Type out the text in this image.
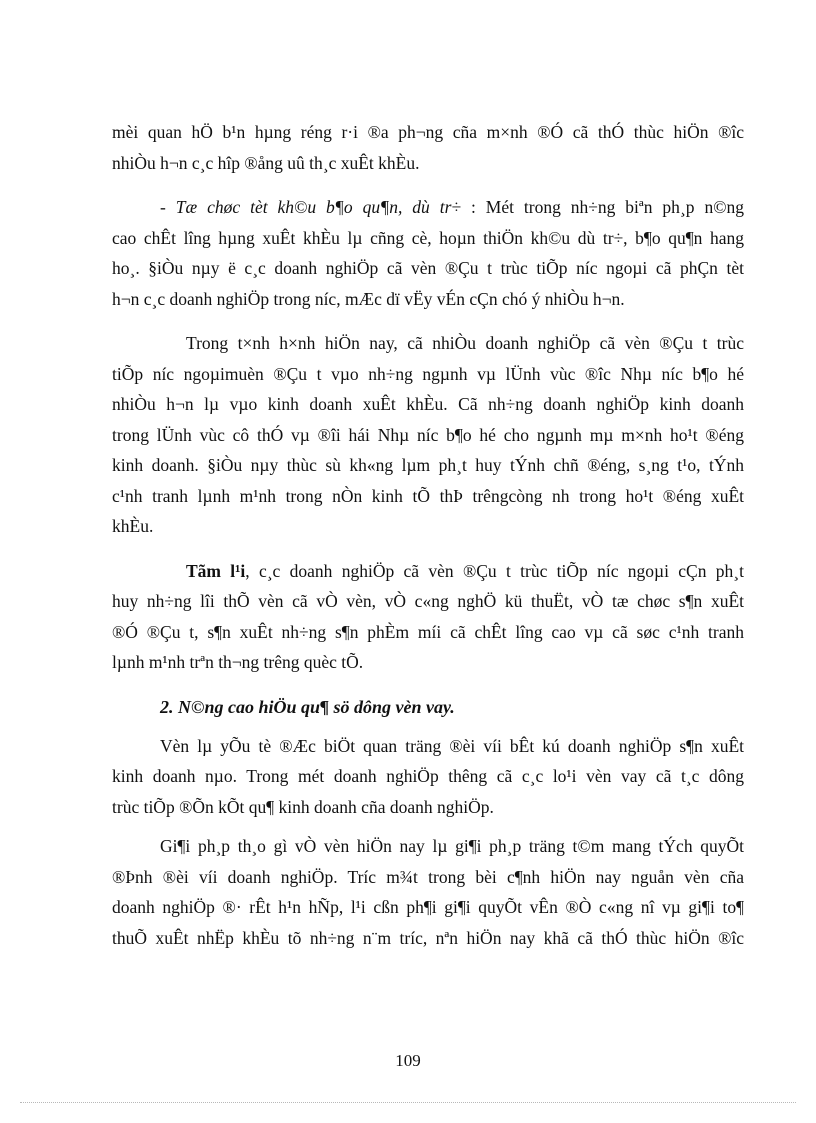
mèi quan hÖ b¹n hµng réng r·i ®a ph¬ng cña m×nh ®Ó cã thÓ thùc hiÖn ®îc
nhiÒu h¬n c¸c hîp ®ång uû th¸c xuÊt khÈu.

- Tæ chøc tèt kh©u b¶o qu¶n, dù tr÷ : Mét trong nh÷ng biªn ph¸p n©ng
cao chÊt lîng hµng xuÊt khÈu lµ cñng cè, hoµn thiÖn kh©u dù tr÷, b¶o qu¶n hang
ho¸. §iÒu nµy ë c¸c doanh nghiÖp cã vèn ®Çu t trùc tiÕp níc ngoµi cã phÇn tèt
h¬n c¸c doanh nghiÖp trong níc, mÆc dï vËy vÉn cÇn chó ý nhiÒu h¬n.

Trong t×nh h×nh hiÖn nay, cã nhiÒu doanh nghiÖp cã vèn ®Çu t trùc
tiÕp níc ngoµimuèn ®Çu t vµo nh÷ng ngµnh vµ lÜnh vùc ®îc Nhµ níc b¶o hé
nhiÒu h¬n lµ vµo kinh doanh xuÊt khÈu. Cã nh÷ng doanh nghiÖp kinh doanh
trong lÜnh vùc cô thÓ vµ ®îi hái Nhµ níc b¶o hé cho ngµnh mµ m×nh ho¹t ®éng
kinh doanh. §iÒu nµy thùc sù kh«ng lµm ph¸t huy tÝnh chñ ®éng, s¸ng t¹o, tÝnh
c¹nh tranh lµnh m¹nh trong nÒn kinh tÕ thÞ trêngcòng nh trong ho¹t ®éng xuÊt
khÈu.

Tãm l¹i, c¸c doanh nghiÖp cã vèn ®Çu t trùc tiÕp níc ngoµi cÇn ph¸t
huy nh÷ng lîi thÕ vèn cã vÒ vèn, vÒ c«ng nghÖ kü thuËt, vÒ tæ chøc s¶n xuÊt
®Ó ®Çu t, s¶n xuÊt nh÷ng s¶n phÈm míi cã chÊt lîng cao vµ cã søc c¹nh tranh
lµnh m¹nh trªn th¬ng trêng quèc tÕ.

2. N©ng cao hiÖu qu¶ sö dông vèn vay.

Vèn lµ yÕu tè ®Æc biÖt quan träng ®èi víi bÊt kú doanh nghiÖp s¶n xuÊt
kinh doanh nµo. Trong mét doanh nghiÖp thêng cã c¸c lo¹i vèn vay cã t¸c dông
trùc tiÕp ®Õn kÕt qu¶ kinh doanh cña doanh nghiÖp.

Gi¶i ph¸p th¸o gì vÒ vèn hiÖn nay lµ gi¶i ph¸p träng t©m mang tÝch quyÕt
®Þnh ®èi víi doanh nghiÖp. Tríc m¾t trong bèi c¶nh hiÖn nay nguån vèn cña
doanh nghiÖp ®· rÊt h¹n hÑp, l¹i cßn ph¶i gi¶i quyÕt vÊn ®Ò c«ng nî vµ gi¶i to¶
thuÕ xuÊt nhËp khÈu tõ nh÷ng n¨m tríc, nªn hiÖn nay khã cã thÓ thùc hiÖn ®îc

109
